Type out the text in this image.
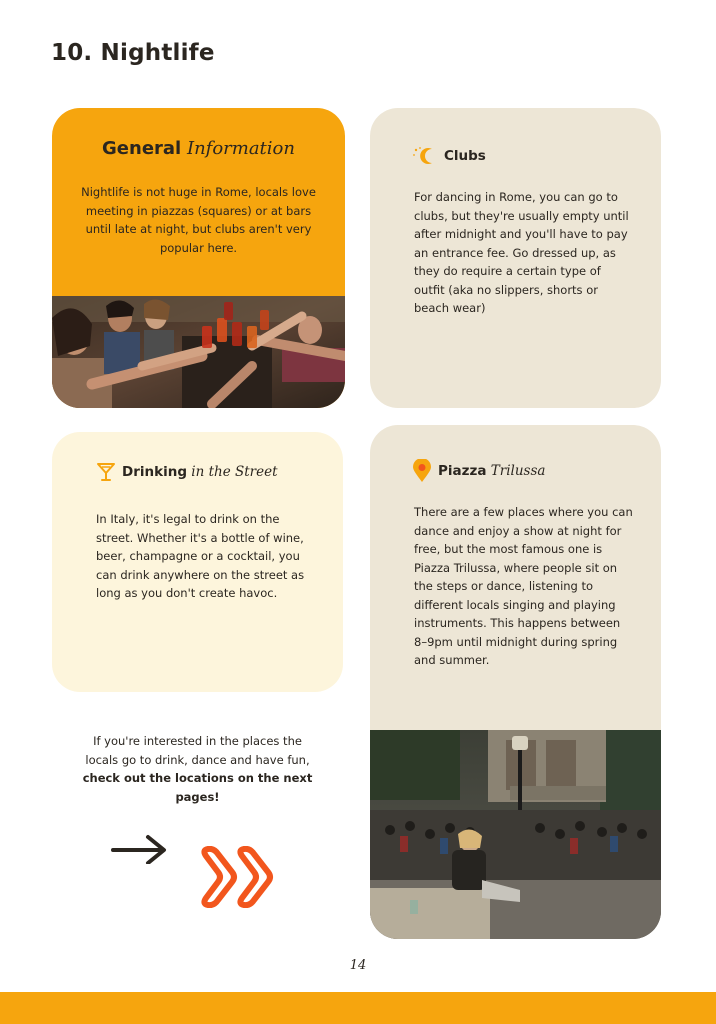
10. Nightlife
General Information

Nightlife is not huge in Rome, locals love meeting in piazzas (squares) or at bars until late at night, but clubs aren't very popular here.

Clubs

For dancing in Rome, you can go to clubs, but they're usually empty until after midnight and you'll have to pay an entrance fee. Go dressed up, as they do require a certain type of outfit (aka no slippers, shorts or beach wear)

Drinking in the Street

In Italy, it's legal to drink on the street. Whether it's a bottle of wine, beer, champagne or a cocktail, you can drink anywhere on the street as long as you don't create havoc.

Piazza Trilussa

There are a few places where you can dance and enjoy a show at night for free, but the most famous one is Piazza Trilussa, where people sit on the steps or dance, listening to different locals singing and playing instruments. This happens between 8–9pm until midnight during spring and summer.

If you're interested in the places the locals go to drink, dance and have fun, check out the locations on the next pages!

14
